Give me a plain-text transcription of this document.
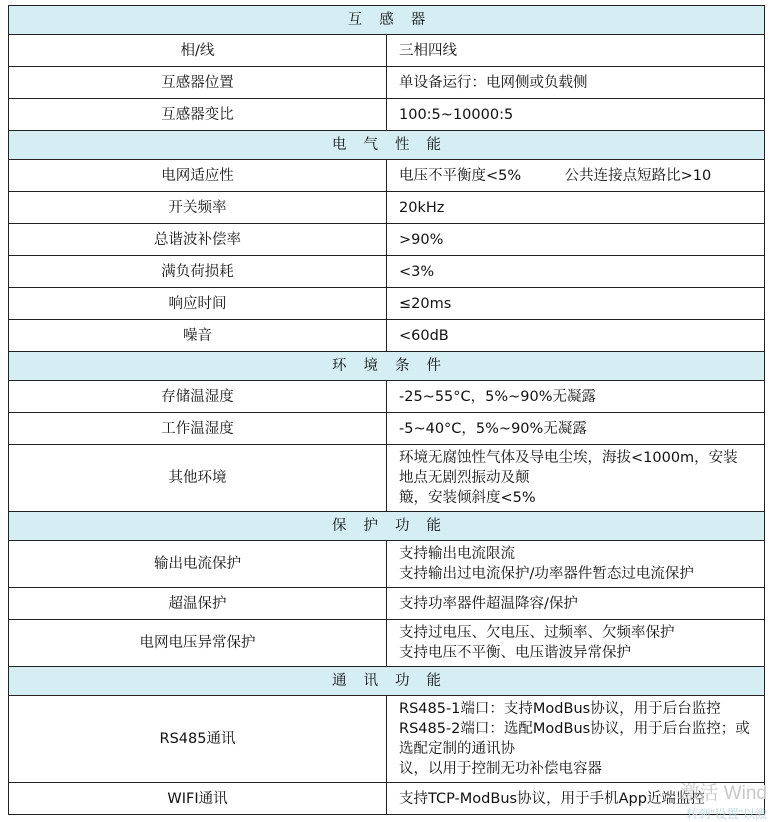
互感器	
相/线	三相四线

互感器位置	单设备运行：电网侧或负载侧

互感器变比	100:5~10000:5

电气性能	
电网适应性	电压不平衡度<5%　　　公共连接点短路比>10

开关频率	20kHz

总谐波补偿率	>90%

满负荷损耗	<3%

响应时间	≤20ms

噪音	<60dB

环境条件	
存储温湿度	-25~55°C，5%~90%无凝露

工作温湿度	-5~40°C，5%~90%无凝露

其他环境	环境无腐蚀性气体及导电尘埃，海拔<1000m，安装地点无剧烈振动及颠
簸，安装倾斜度<5%

保护功能	
输出电流保护	支持输出电流限流
支持输出过电流保护/功率器件暂态过电流保护

超温保护	支持功率器件超温降容/保护

电网电压异常保护	支持过电压、欠电压、过频率、欠频率保护
支持电压不平衡、电压谐波异常保护

通讯功能	
RS485通讯	RS485-1端口：支持ModBus协议，用于后台监控
RS485-2端口：选配ModBus协议，用于后台监控；或选配定制的通讯协
议，以用于控制无功补偿电容器

WIFI通讯	支持TCP-ModBus协议，用于手机App近端监控
激活 Wind
转到"设置"以激
